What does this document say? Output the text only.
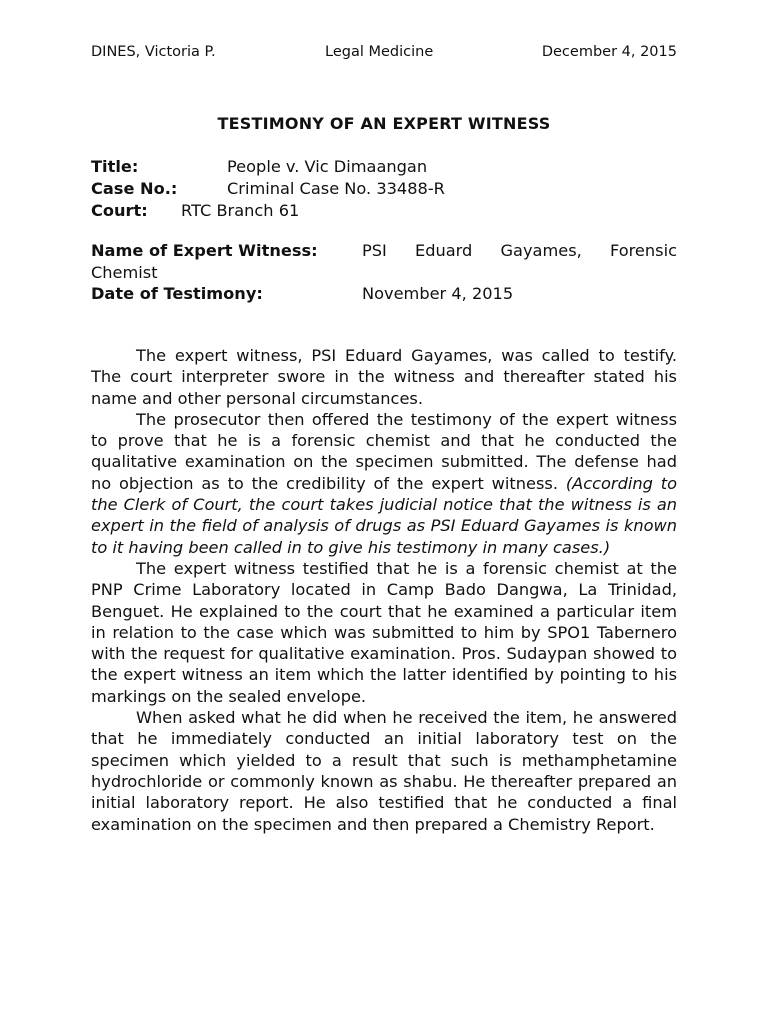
DINES, Victoria P.	Legal Medicine	December 4, 2015
TESTIMONY OF AN EXPERT WITNESS
Title:	People v. Vic Dimaangan
Case No.:	Criminal Case No. 33488-R
Court: RTC Branch 61
Name of Expert Witness:	PSI Eduard Gayames, Forensic
Chemist
Date of Testimony:	November 4, 2015

The expert witness, PSI Eduard Gayames, was called to testify. The court interpreter swore in the witness and thereafter stated his name and other personal circumstances.

The prosecutor then offered the testimony of the expert witness to prove that he is a forensic chemist and that he conducted the qualitative examination on the specimen submitted. The defense had no objection as to the credibility of the expert witness. (According to the Clerk of Court, the court takes judicial notice that the witness is an expert in the field of analysis of drugs as PSI Eduard Gayames is known to it having been called in to give his testimony in many cases.)

The expert witness testified that he is a forensic chemist at the PNP Crime Laboratory located in Camp Bado Dangwa, La Trinidad, Benguet. He explained to the court that he examined a particular item in relation to the case which was submitted to him by SPO1 Tabernero with the request for qualitative examination. Pros. Sudaypan showed to the expert witness an item which the latter identified by pointing to his markings on the sealed envelope.

When asked what he did when he received the item, he answered that he immediately conducted an initial laboratory test on the specimen which yielded to a result that such is methamphetamine hydrochloride or commonly known as shabu. He thereafter prepared an initial laboratory report. He also testified that he conducted a final examination on the specimen and then prepared a Chemistry Report.
